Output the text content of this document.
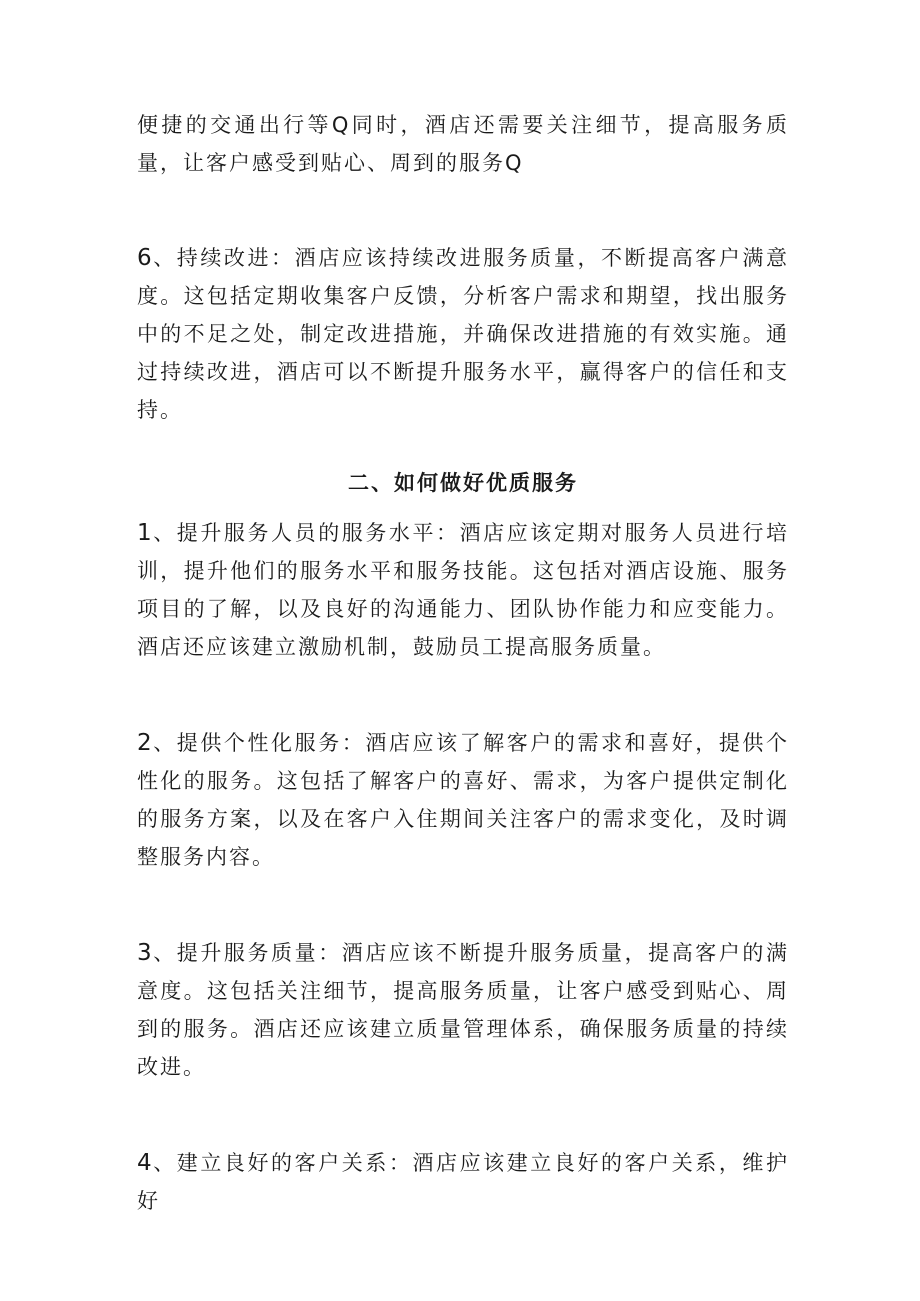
便捷的交通出行等Q同时，酒店还需要关注细节，提高服务质量，让客户感受到贴心、周到的服务Q

6、持续改进：酒店应该持续改进服务质量，不断提高客户满意度。这包括定期收集客户反馈，分析客户需求和期望，找出服务中的不足之处，制定改进措施，并确保改进措施的有效实施。通过持续改进，酒店可以不断提升服务水平，赢得客户的信任和支持。

二、如何做好优质服务

1、提升服务人员的服务水平：酒店应该定期对服务人员进行培训，提升他们的服务水平和服务技能。这包括对酒店设施、服务项目的了解，以及良好的沟通能力、团队协作能力和应变能力。酒店还应该建立激励机制，鼓励员工提高服务质量。

2、提供个性化服务：酒店应该了解客户的需求和喜好，提供个性化的服务。这包括了解客户的喜好、需求，为客户提供定制化的服务方案，以及在客户入住期间关注客户的需求变化，及时调整服务内容。

3、提升服务质量：酒店应该不断提升服务质量，提高客户的满意度。这包括关注细节，提高服务质量，让客户感受到贴心、周到的服务。酒店还应该建立质量管理体系，确保服务质量的持续改进。

4、建立良好的客户关系：酒店应该建立良好的客户关系，维护好
